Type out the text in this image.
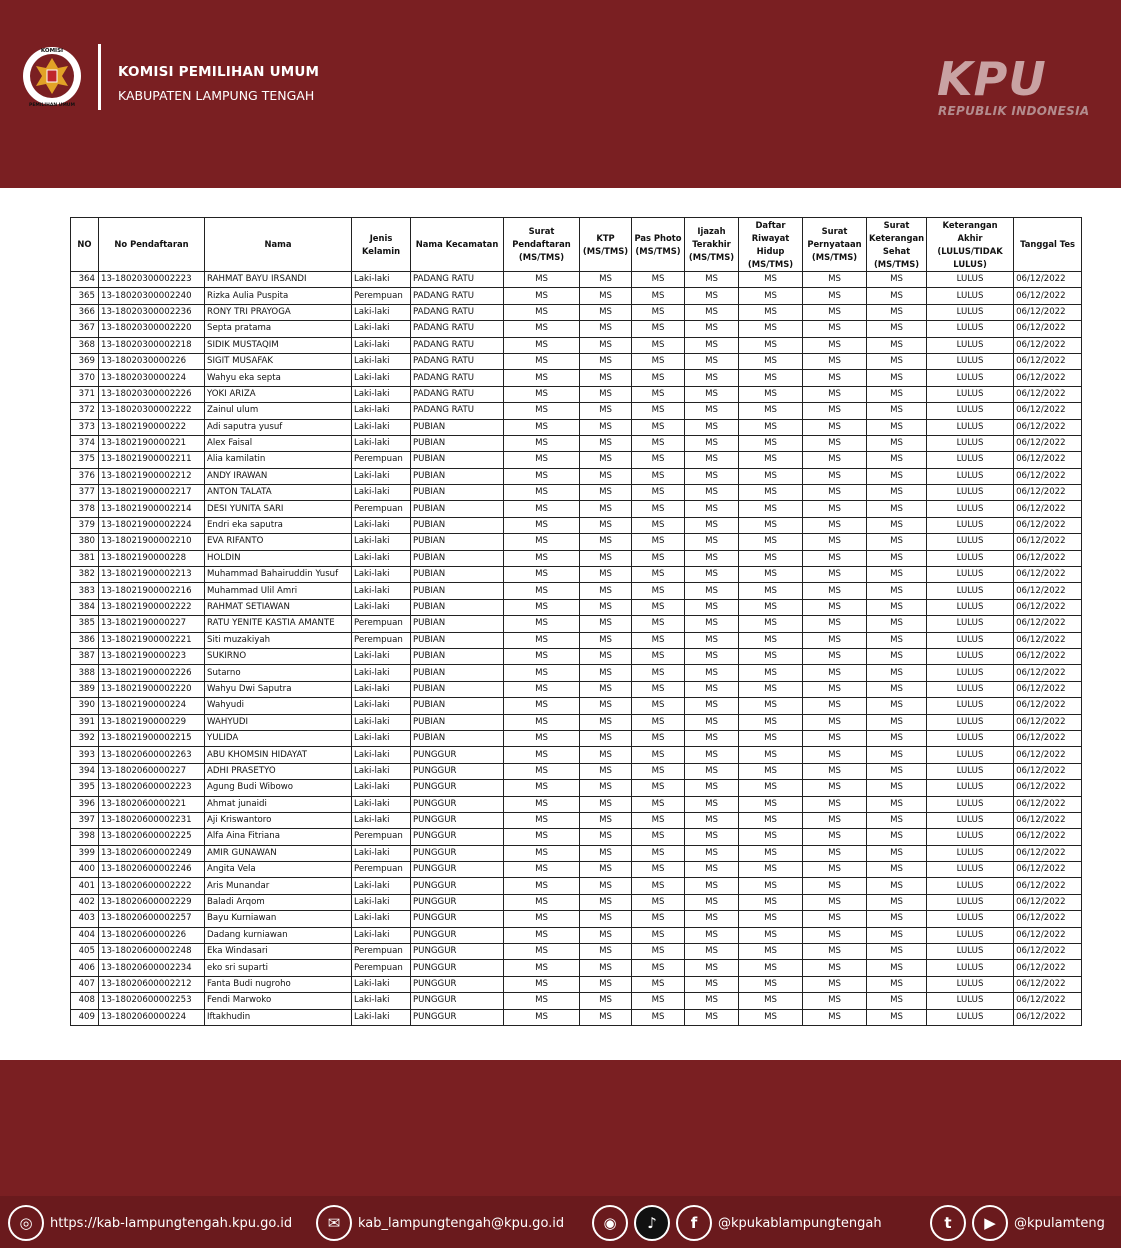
KOMISI
PEMILIHAN UMUM
KOMISI PEMILIHAN UMUM
KABUPATEN LAMPUNG TENGAH	KPU
REPUBLIK INDONESIA
NO	No Pendaftaran	Nama	Jenis Kelamin	Nama Kecamatan	Surat Pendaftaran (MS/TMS)	KTP (MS/TMS)	Pas Photo (MS/TMS)	Ijazah Terakhir (MS/TMS)	Daftar Riwayat Hidup (MS/TMS)	Surat Pernyataan (MS/TMS)	Surat Keterangan Sehat (MS/TMS)	Keterangan Akhir (LULUS/TIDAK LULUS)	Tanggal Tes
364	13-18020300002223	RAHMAT BAYU IRSANDI	Laki-laki	PADANG RATU	MS	MS	MS	MS	MS	MS	MS	LULUS	06/12/2022
365	13-18020300002240	Rizka Aulia Puspita	Perempuan	PADANG RATU	MS	MS	MS	MS	MS	MS	MS	LULUS	06/12/2022
366	13-18020300002236	RONY TRI PRAYOGA	Laki-laki	PADANG RATU	MS	MS	MS	MS	MS	MS	MS	LULUS	06/12/2022
367	13-18020300002220	Septa pratama	Laki-laki	PADANG RATU	MS	MS	MS	MS	MS	MS	MS	LULUS	06/12/2022
368	13-18020300002218	SIDIK MUSTAQIM	Laki-laki	PADANG RATU	MS	MS	MS	MS	MS	MS	MS	LULUS	06/12/2022
369	13-1802030000226	SIGIT MUSAFAK	Laki-laki	PADANG RATU	MS	MS	MS	MS	MS	MS	MS	LULUS	06/12/2022
370	13-1802030000224	Wahyu eka septa	Laki-laki	PADANG RATU	MS	MS	MS	MS	MS	MS	MS	LULUS	06/12/2022
371	13-18020300002226	YOKI ARIZA	Laki-laki	PADANG RATU	MS	MS	MS	MS	MS	MS	MS	LULUS	06/12/2022
372	13-18020300002222	Zainul ulum	Laki-laki	PADANG RATU	MS	MS	MS	MS	MS	MS	MS	LULUS	06/12/2022
373	13-1802190000222	Adi saputra yusuf	Laki-laki	PUBIAN	MS	MS	MS	MS	MS	MS	MS	LULUS	06/12/2022
374	13-1802190000221	Alex Faisal	Laki-laki	PUBIAN	MS	MS	MS	MS	MS	MS	MS	LULUS	06/12/2022
375	13-18021900002211	Alia kamilatin	Perempuan	PUBIAN	MS	MS	MS	MS	MS	MS	MS	LULUS	06/12/2022
376	13-18021900002212	ANDY IRAWAN	Laki-laki	PUBIAN	MS	MS	MS	MS	MS	MS	MS	LULUS	06/12/2022
377	13-18021900002217	ANTON TALATA	Laki-laki	PUBIAN	MS	MS	MS	MS	MS	MS	MS	LULUS	06/12/2022
378	13-18021900002214	DESI YUNITA SARI	Perempuan	PUBIAN	MS	MS	MS	MS	MS	MS	MS	LULUS	06/12/2022
379	13-18021900002224	Endri eka saputra	Laki-laki	PUBIAN	MS	MS	MS	MS	MS	MS	MS	LULUS	06/12/2022
380	13-18021900002210	EVA RIFANTO	Laki-laki	PUBIAN	MS	MS	MS	MS	MS	MS	MS	LULUS	06/12/2022
381	13-1802190000228	HOLDIN	Laki-laki	PUBIAN	MS	MS	MS	MS	MS	MS	MS	LULUS	06/12/2022
382	13-18021900002213	Muhammad Bahairuddin Yusuf	Laki-laki	PUBIAN	MS	MS	MS	MS	MS	MS	MS	LULUS	06/12/2022
383	13-18021900002216	Muhammad Ulil Amri	Laki-laki	PUBIAN	MS	MS	MS	MS	MS	MS	MS	LULUS	06/12/2022
384	13-18021900002222	RAHMAT SETIAWAN	Laki-laki	PUBIAN	MS	MS	MS	MS	MS	MS	MS	LULUS	06/12/2022
385	13-1802190000227	RATU YENITE KASTIA AMANTE	Perempuan	PUBIAN	MS	MS	MS	MS	MS	MS	MS	LULUS	06/12/2022
386	13-18021900002221	Siti muzakiyah	Perempuan	PUBIAN	MS	MS	MS	MS	MS	MS	MS	LULUS	06/12/2022
387	13-1802190000223	SUKIRNO	Laki-laki	PUBIAN	MS	MS	MS	MS	MS	MS	MS	LULUS	06/12/2022
388	13-18021900002226	Sutarno	Laki-laki	PUBIAN	MS	MS	MS	MS	MS	MS	MS	LULUS	06/12/2022
389	13-18021900002220	Wahyu Dwi Saputra	Laki-laki	PUBIAN	MS	MS	MS	MS	MS	MS	MS	LULUS	06/12/2022
390	13-1802190000224	Wahyudi	Laki-laki	PUBIAN	MS	MS	MS	MS	MS	MS	MS	LULUS	06/12/2022
391	13-1802190000229	WAHYUDI	Laki-laki	PUBIAN	MS	MS	MS	MS	MS	MS	MS	LULUS	06/12/2022
392	13-18021900002215	YULIDA	Laki-laki	PUBIAN	MS	MS	MS	MS	MS	MS	MS	LULUS	06/12/2022
393	13-18020600002263	ABU KHOMSIN HIDAYAT	Laki-laki	PUNGGUR	MS	MS	MS	MS	MS	MS	MS	LULUS	06/12/2022
394	13-1802060000227	ADHI PRASETYO	Laki-laki	PUNGGUR	MS	MS	MS	MS	MS	MS	MS	LULUS	06/12/2022
395	13-18020600002223	Agung Budi Wibowo	Laki-laki	PUNGGUR	MS	MS	MS	MS	MS	MS	MS	LULUS	06/12/2022
396	13-1802060000221	Ahmat junaidi	Laki-laki	PUNGGUR	MS	MS	MS	MS	MS	MS	MS	LULUS	06/12/2022
397	13-18020600002231	Aji Kriswantoro	Laki-laki	PUNGGUR	MS	MS	MS	MS	MS	MS	MS	LULUS	06/12/2022
398	13-18020600002225	Alfa Aina Fitriana	Perempuan	PUNGGUR	MS	MS	MS	MS	MS	MS	MS	LULUS	06/12/2022
399	13-18020600002249	AMIR GUNAWAN	Laki-laki	PUNGGUR	MS	MS	MS	MS	MS	MS	MS	LULUS	06/12/2022
400	13-18020600002246	Angita Vela	Perempuan	PUNGGUR	MS	MS	MS	MS	MS	MS	MS	LULUS	06/12/2022
401	13-18020600002222	Aris Munandar	Laki-laki	PUNGGUR	MS	MS	MS	MS	MS	MS	MS	LULUS	06/12/2022
402	13-18020600002229	Baladi Arqom	Laki-laki	PUNGGUR	MS	MS	MS	MS	MS	MS	MS	LULUS	06/12/2022
403	13-18020600002257	Bayu Kurniawan	Laki-laki	PUNGGUR	MS	MS	MS	MS	MS	MS	MS	LULUS	06/12/2022
404	13-1802060000226	Dadang kurniawan	Laki-laki	PUNGGUR	MS	MS	MS	MS	MS	MS	MS	LULUS	06/12/2022
405	13-18020600002248	Eka Windasari	Perempuan	PUNGGUR	MS	MS	MS	MS	MS	MS	MS	LULUS	06/12/2022
406	13-18020600002234	eko sri suparti	Perempuan	PUNGGUR	MS	MS	MS	MS	MS	MS	MS	LULUS	06/12/2022
407	13-18020600002212	Fanta Budi nugroho	Laki-laki	PUNGGUR	MS	MS	MS	MS	MS	MS	MS	LULUS	06/12/2022
408	13-18020600002253	Fendi Marwoko	Laki-laki	PUNGGUR	MS	MS	MS	MS	MS	MS	MS	LULUS	06/12/2022
409	13-1802060000224	Iftakhudin	Laki-laki	PUNGGUR	MS	MS	MS	MS	MS	MS	MS	LULUS	06/12/2022
◎	https://kab-lampungtengah.kpu.go.id	✉	kab_lampungtengah@kpu.go.id	◉	♪	f	@kpukablampungtengah	t	▶	@kpulamteng
